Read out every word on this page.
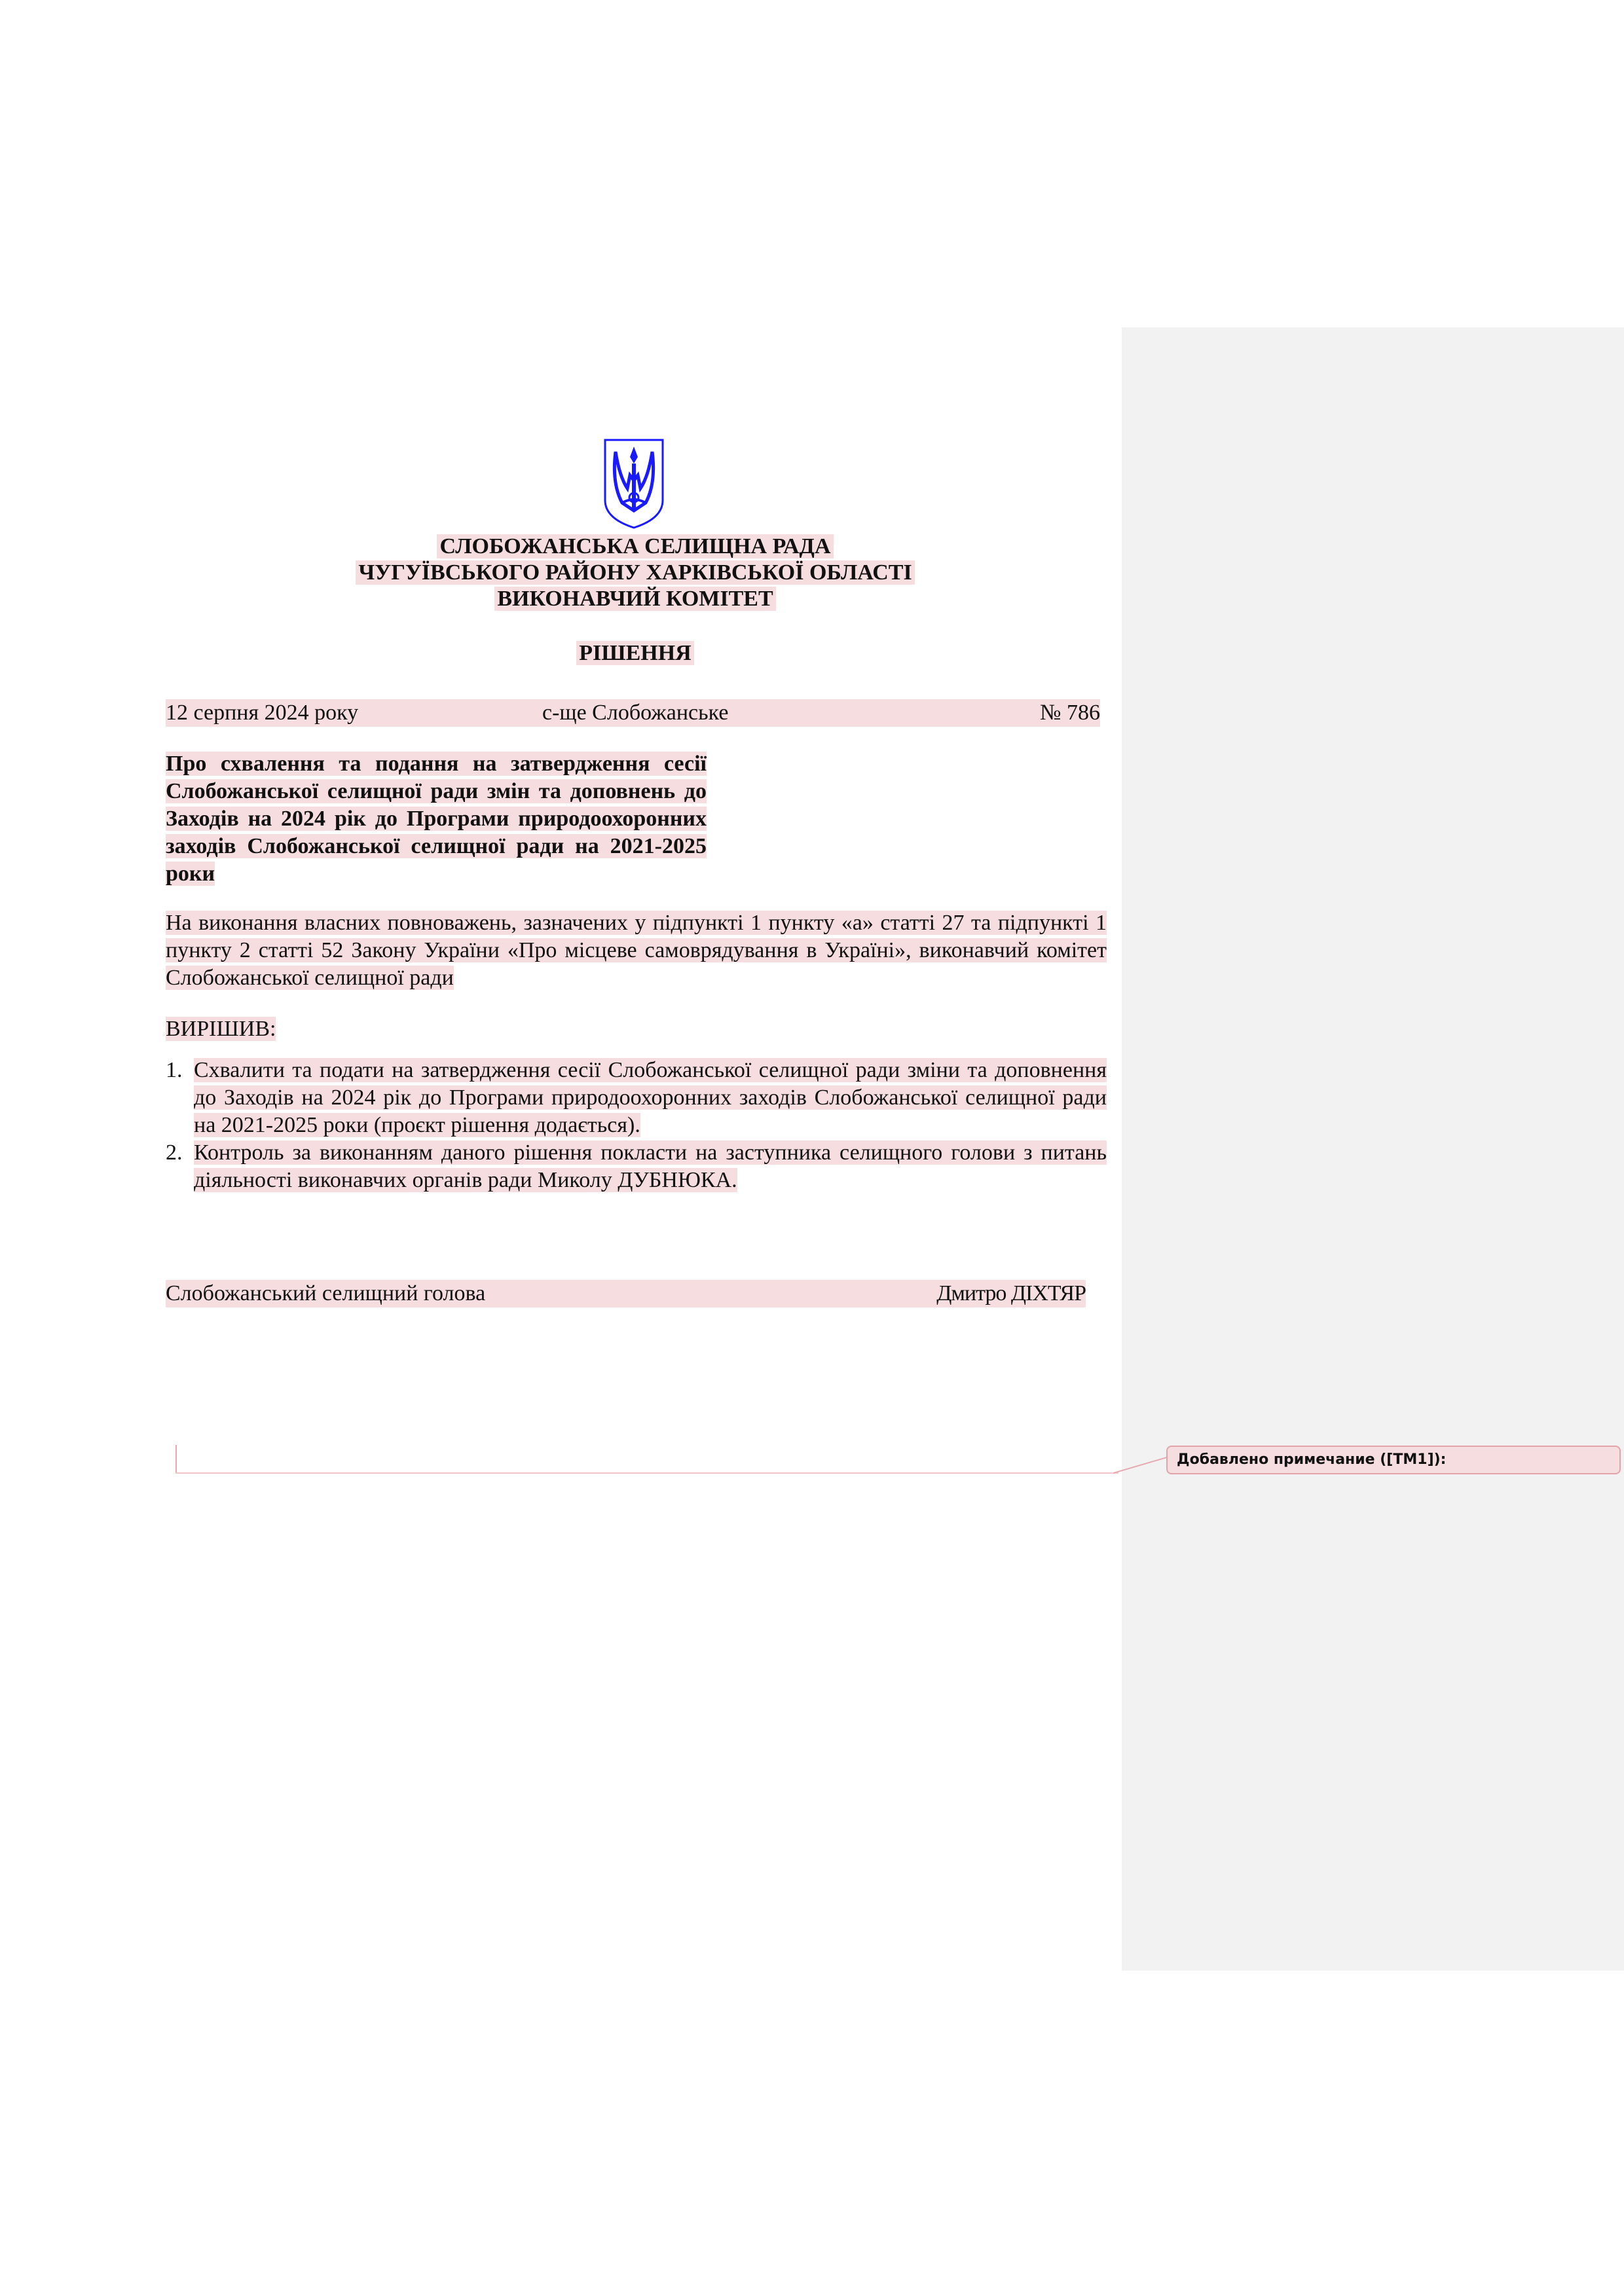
СЛОБОЖАНСЬКА СЕЛИЩНА РАДА
ЧУГУЇВСЬКОГО РАЙОНУ ХАРКІВСЬКОЇ ОБЛАСТІ
ВИКОНАВЧИЙ КОМІТЕТ
РІШЕННЯ
12 серпня 2024 року	с-ще Слобожанське	№ 786
Про схвалення та подання на затвердження сесії Слобожанської селищної ради змін та доповнень до Заходів на 2024 рік до Програми природоохоронних заходів Слобожанської селищної ради на 2021-2025 роки
На виконання власних повноважень, зазначених у підпункті 1 пункту «а» статті 27 та підпункті 1 пункту 2 статті 52 Закону України «Про місцеве самоврядування в Україні», виконавчий комітет Слобожанської селищної ради
ВИРІШИВ:
1. Схвалити та подати на затвердження сесії Слобожанської селищної ради зміни та доповнення до Заходів на 2024 рік до Програми природоохоронних заходів Слобожанської селищної ради на 2021-2025 роки (проєкт рішення додається).
2. Контроль за виконанням даного рішення покласти на заступника селищного голови з питань діяльності виконавчих органів ради Миколу ДУБНЮКА.
Слобожанський селищний голова	Дмитро ДІХТЯР
Добавлено примечание ([TM1]):
